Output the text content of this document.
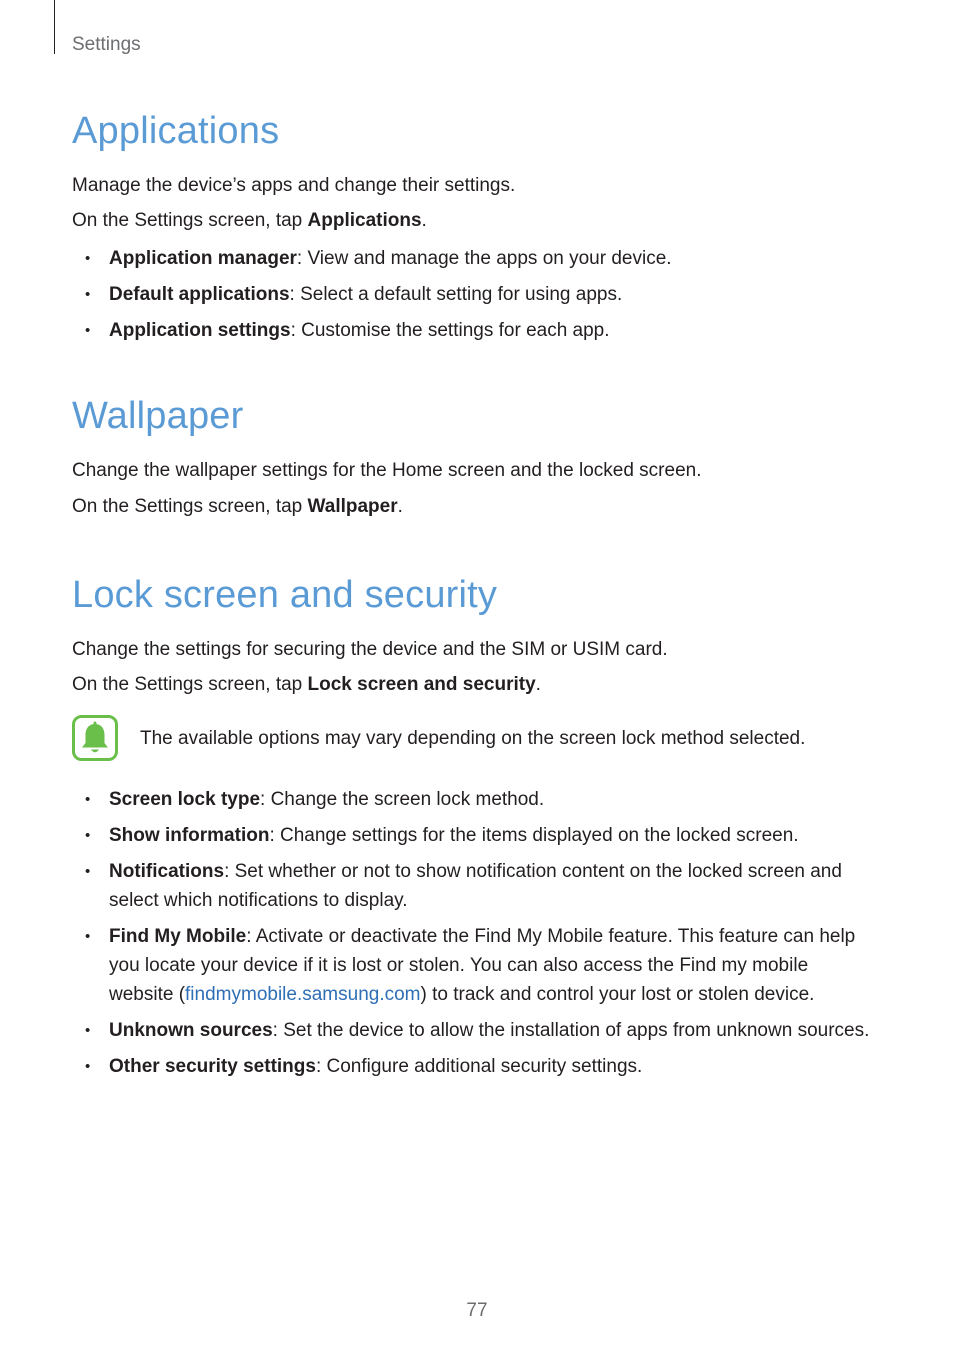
Settings
Applications

Manage the device’s apps and change their settings.

On the Settings screen, tap Applications.

• Application manager: View and manage the apps on your device.
• Default applications: Select a default setting for using apps.
• Application settings: Customise the settings for each app.
Wallpaper

Change the wallpaper settings for the Home screen and the locked screen.

On the Settings screen, tap Wallpaper.

Lock screen and security

Change the settings for securing the device and the SIM or USIM card.

On the Settings screen, tap Lock screen and security.

The available options may vary depending on the screen lock method selected.

• Screen lock type: Change the screen lock method.
• Show information: Change settings for the items displayed on the locked screen.
• Notifications: Set whether or not to show notification content on the locked screen and select which notifications to display.
• Find My Mobile: Activate or deactivate the Find My Mobile feature. This feature can help you locate your device if it is lost or stolen. You can also access the Find my mobile website (findmymobile.samsung.com) to track and control your lost or stolen device.
• Unknown sources: Set the device to allow the installation of apps from unknown sources.
• Other security settings: Configure additional security settings.
77
